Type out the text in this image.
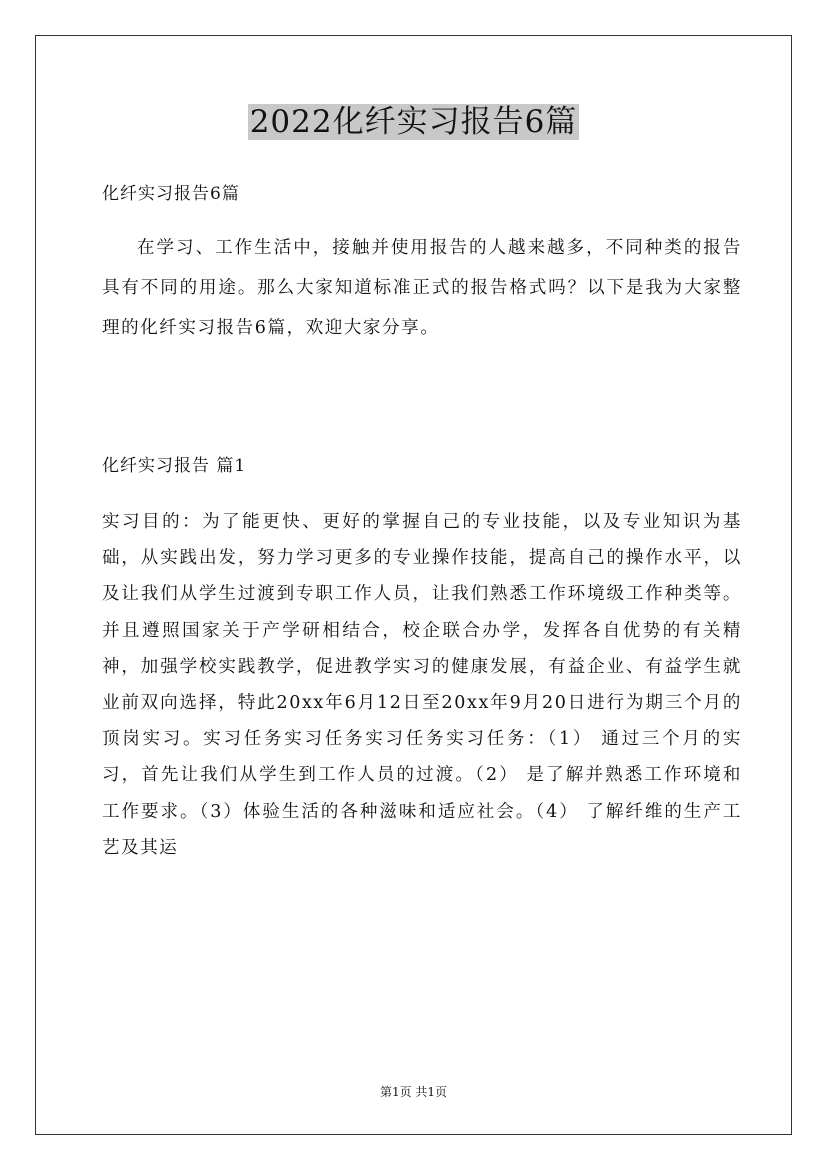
2022化纤实习报告6篇
化纤实习报告6篇
在学习、工作生活中，接触并使用报告的人越来越多，不同种类的报告具有不同的用途。那么大家知道标准正式的报告格式吗？以下是我为大家整理的化纤实习报告6篇，欢迎大家分享。
化纤实习报告 篇1
实习目的：为了能更快、更好的掌握自己的专业技能，以及专业知识为基础，从实践出发，努力学习更多的专业操作技能，提高自己的操作水平，以及让我们从学生过渡到专职工作人员，让我们熟悉工作环境级工作种类等。并且遵照国家关于产学研相结合，校企联合办学，发挥各自优势的有关精神，加强学校实践教学，促进教学实习的健康发展，有益企业、有益学生就业前双向选择，特此20xx年6月12日至20xx年9月20日进行为期三个月的顶岗实习。实习任务实习任务实习任务实习任务：（1） 通过三个月的实习，首先让我们从学生到工作人员的过渡。（2） 是了解并熟悉工作环境和工作要求。（3）体验生活的各种滋味和适应社会。（4） 了解纤维的生产工艺及其运
第1页 共1页
